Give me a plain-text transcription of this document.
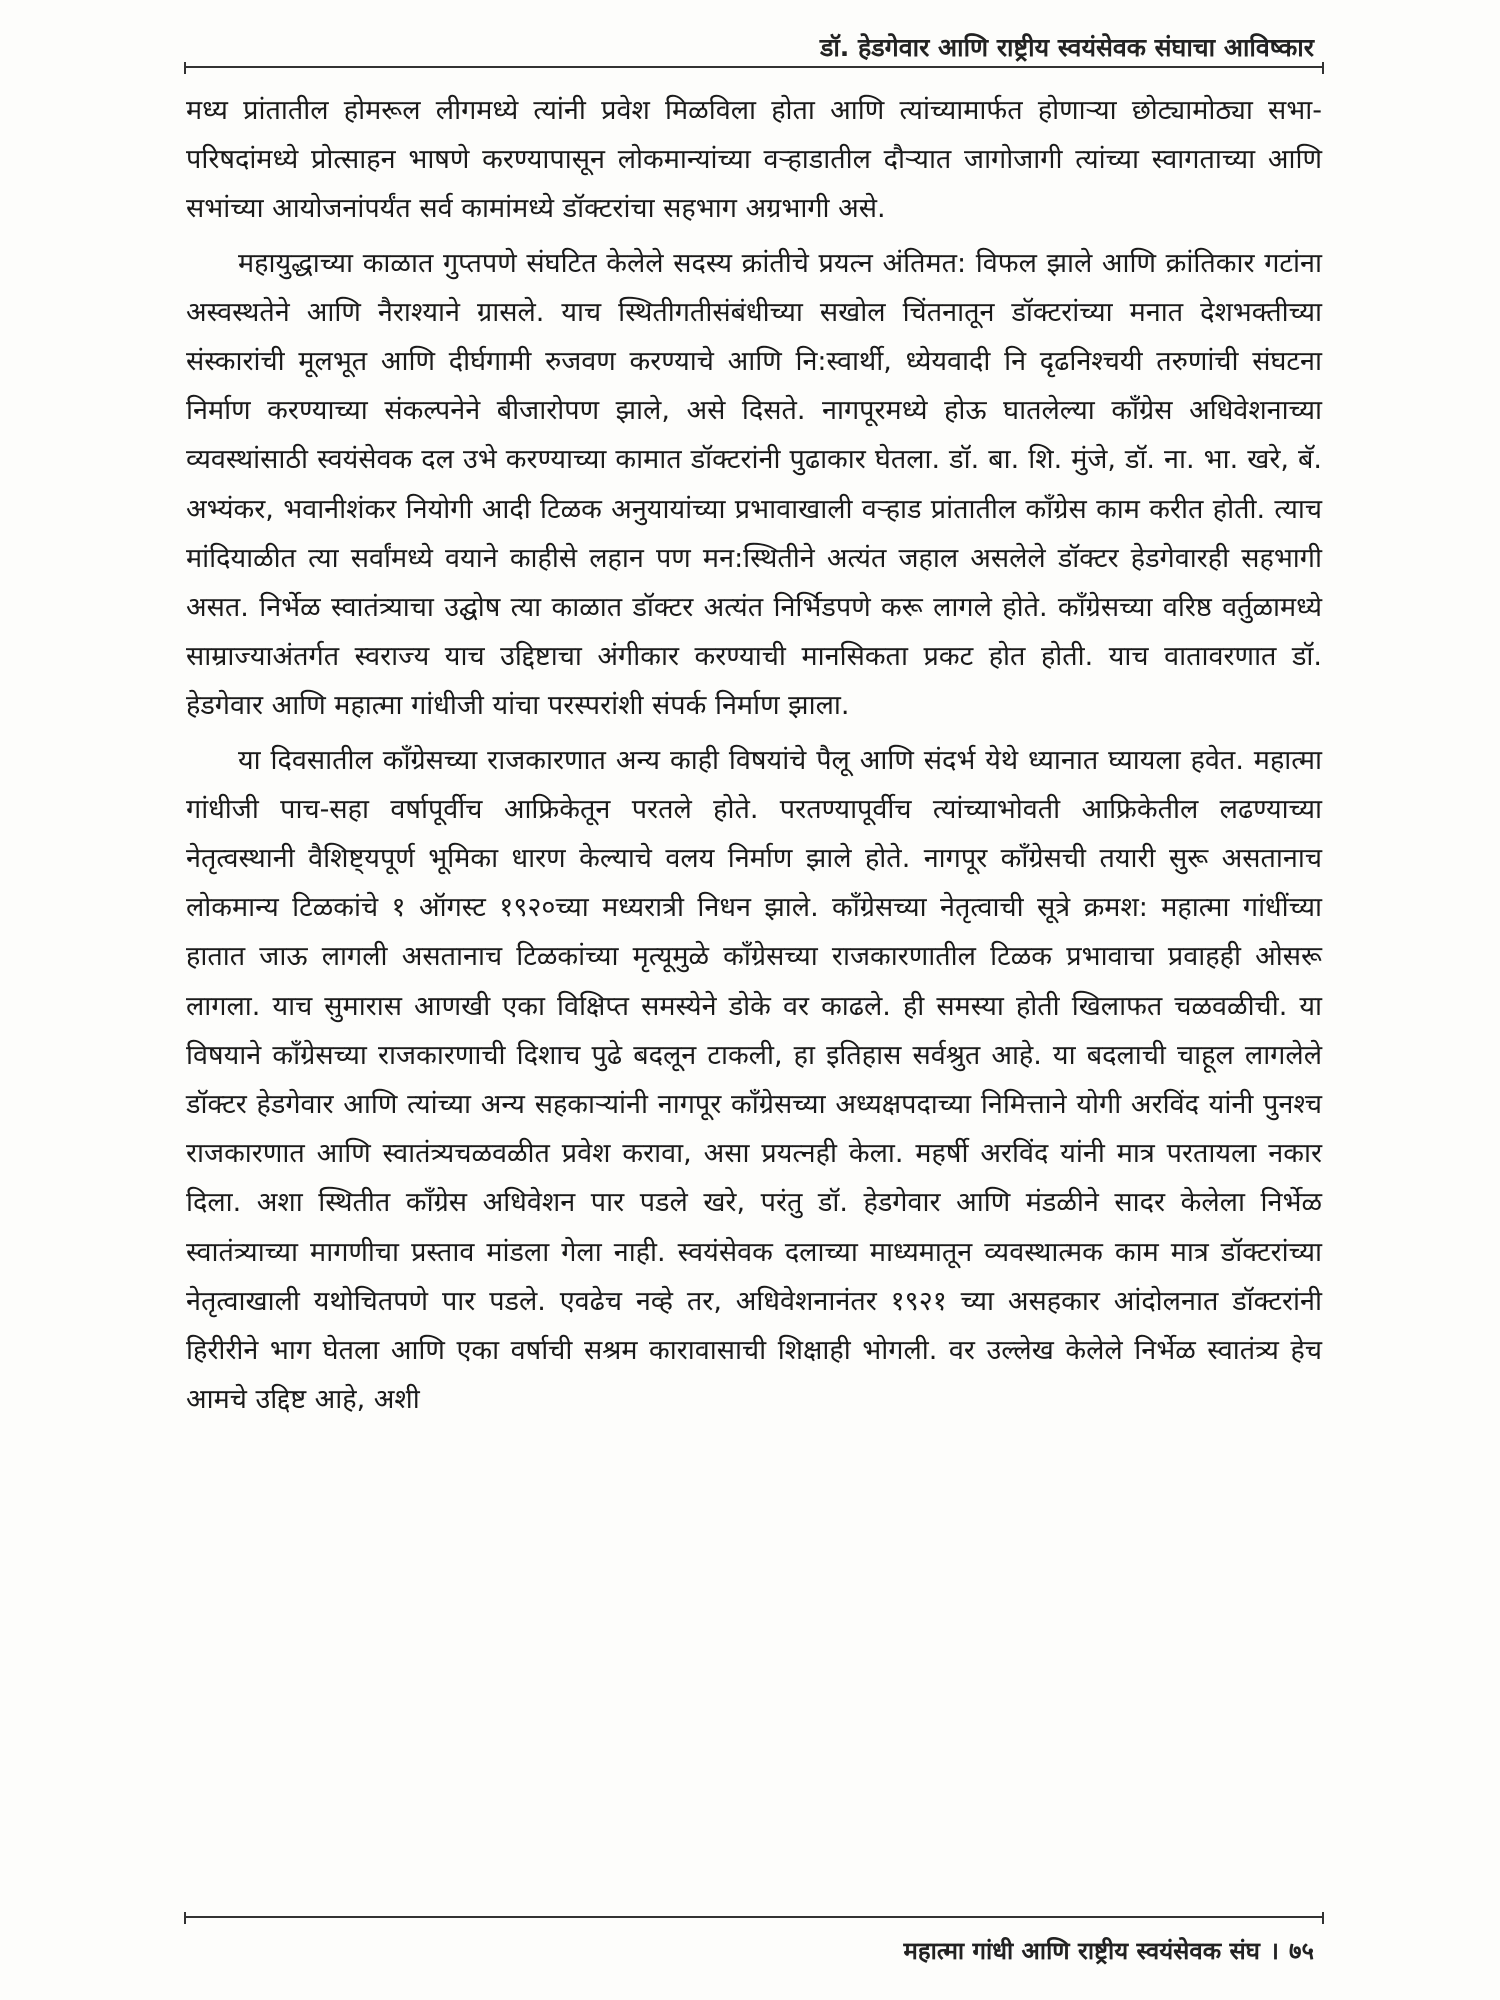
डॉ. हेडगेवार आणि राष्ट्रीय स्वयंसेवक संघाचा आविष्कार

मध्य प्रांतातील होमरूल लीगमध्ये त्यांनी प्रवेश मिळविला होता आणि त्यांच्यामार्फत होणाऱ्या छोट्यामोठ्या सभा-परिषदांमध्ये प्रोत्साहन भाषणे करण्यापासून लोकमान्यांच्या वऱ्हाडातील दौऱ्यात जागोजागी त्यांच्या स्वागताच्या आणि सभांच्या आयोजनांपर्यंत सर्व कामांमध्ये डॉक्टरांचा सहभाग अग्रभागी असे.

महायुद्धाच्या काळात गुप्तपणे संघटित केलेले सदस्य क्रांतीचे प्रयत्न अंतिमत: विफल झाले आणि क्रांतिकार गटांना अस्वस्थतेने आणि नैराश्याने ग्रासले. याच स्थितीगतीसंबंधीच्या सखोल चिंतनातून डॉक्टरांच्या मनात देशभक्तीच्या संस्कारांची मूलभूत आणि दीर्घगामी रुजवण करण्याचे आणि नि:स्वार्थी, ध्येयवादी नि दृढनिश्चयी तरुणांची संघटना निर्माण करण्याच्या संकल्पनेने बीजारोपण झाले, असे दिसते. नागपूरमध्ये होऊ घातलेल्या कॉंग्रेस अधिवेशनाच्या व्यवस्थांसाठी स्वयंसेवक दल उभे करण्याच्या कामात डॉक्टरांनी पुढाकार घेतला. डॉ. बा. शि. मुंजे, डॉ. ना. भा. खरे, बॅ. अभ्यंकर, भवानीशंकर नियोगी आदी टिळक अनुयायांच्या प्रभावाखाली वऱ्हाड प्रांतातील कॉंग्रेस काम करीत होती. त्याच मांदियाळीत त्या सर्वांमध्ये वयाने काहीसे लहान पण मन:स्थितीने अत्यंत जहाल असलेले डॉक्टर हेडगेवारही सहभागी असत. निर्भेळ स्वातंत्र्याचा उद्घोष त्या काळात डॉक्टर अत्यंत निर्भिडपणे करू लागले होते. कॉंग्रेसच्या वरिष्ठ वर्तुळामध्ये साम्राज्याअंतर्गत स्वराज्य याच उद्दिष्टाचा अंगीकार करण्याची मानसिकता प्रकट होत होती. याच वातावरणात डॉ. हेडगेवार आणि महात्मा गांधीजी यांचा परस्परांशी संपर्क निर्माण झाला.

या दिवसातील कॉंग्रेसच्या राजकारणात अन्य काही विषयांचे पैलू आणि संदर्भ येथे ध्यानात घ्यायला हवेत. महात्मा गांधीजी पाच-सहा वर्षापूर्वीच आफ्रिकेतून परतले होते. परतण्यापूर्वीच त्यांच्याभोवती आफ्रिकेतील लढण्याच्या नेतृत्वस्थानी वैशिष्ट्यपूर्ण भूमिका धारण केल्याचे वलय निर्माण झाले होते. नागपूर कॉंग्रेसची तयारी सुरू असतानाच लोकमान्य टिळकांचे १ ऑगस्ट १९२०च्या मध्यरात्री निधन झाले. कॉंग्रेसच्या नेतृत्वाची सूत्रे क्रमश: महात्मा गांधींच्या हातात जाऊ लागली असतानाच टिळकांच्या मृत्यूमुळे कॉंग्रेसच्या राजकारणातील टिळक प्रभावाचा प्रवाहही ओसरू लागला. याच सुमारास आणखी एका विक्षिप्त समस्येने डोके वर काढले. ही समस्या होती खिलाफत चळवळीची. या विषयाने कॉंग्रेसच्या राजकारणाची दिशाच पुढे बदलून टाकली, हा इतिहास सर्वश्रुत आहे. या बदलाची चाहूल लागलेले डॉक्टर हेडगेवार आणि त्यांच्या अन्य सहकाऱ्यांनी नागपूर कॉंग्रेसच्या अध्यक्षपदाच्या निमित्ताने योगी अरविंद यांनी पुनश्च राजकारणात आणि स्वातंत्र्यचळवळीत प्रवेश करावा, असा प्रयत्नही केला. महर्षी अरविंद यांनी मात्र परतायला नकार दिला. अशा स्थितीत कॉंग्रेस अधिवेशन पार पडले खरे, परंतु डॉ. हेडगेवार आणि मंडळीने सादर केलेला निर्भेळ स्वातंत्र्याच्या मागणीचा प्रस्ताव मांडला गेला नाही. स्वयंसेवक दलाच्या माध्यमातून व्यवस्थात्मक काम मात्र डॉक्टरांच्या नेतृत्वाखाली यथोचितपणे पार पडले. एवढेच नव्हे तर, अधिवेशनानंतर १९२१ च्या असहकार आंदोलनात डॉक्टरांनी हिरीरीने भाग घेतला आणि एका वर्षाची सश्रम कारावासाची शिक्षाही भोगली. वर उल्लेख केलेले निर्भेळ स्वातंत्र्य हेच आमचे उद्दिष्ट आहे, अशी

महात्मा गांधी आणि राष्ट्रीय स्वयंसेवक संघ । ७५
